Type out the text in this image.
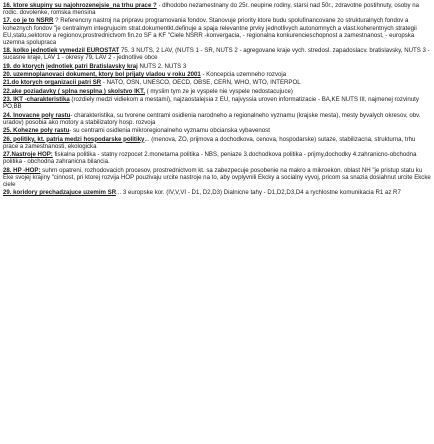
16. ktore skupiny su najohrozenejsie_na trhu prace ? - dlhodobo nezamestnany do 25r. neupine rodiny, starsi nad 50r., zdravotne postihnuty, osoby na rodic. dovolenke, romska mensina

17. co je to NSRR ? Referencny nastroj na pripravu programovania fondov. Stanovuje priority ktore budu spolufinancovane zo strukturalnych fondov a koheznych fondov "je centralnym integrujucim strat.dokumentkt.definuje a spaja relevantne prvky jednotlivych autonomnych a vlast.koherentnych strategii EU,statu,sektorov a regionov,prostrednictvom fin.zo SF a KF "Ciele NSRR -konvergacia, - regionalna konkurencieschopnost a zamestnanost, - europska uzemna spolupraca

18. kolko jednotiek vymedzil EUROSTAT 75. 3 NUTS, 2 LAV, (NUTS 1 - SR, NUTS 2 - agregovane kraje vych. stredosl. zapadoslacv. bratislavsky, NUTS 3 - sucasne kraje, LAV 1 - okresy 79, LAV 2 - jednotlive obce

19. do ktorych jednotiek patri Bratislavsky kraj NUTS 2. NUTS 3

20. uzemnoplanovaci dokument, ktory bol prijaty vladou v roku 2001 - Koncepcia uzemneho rozvoja

21.do ktorych organizacii patri SR - NATO, OSN, UNESCO, OECD, OBSE, CERN, WHO, WTO, INTERPOL

22.ake poziadavky ( splna nesplna ) skolstvo IKT, ( myslim tym ze je vyspele nie vyspele nedostacujuce)

23. IKT -charakteristika (rozdiely medzi vidiekom a mestami), najzaostalejsia z EU, najvyssia uroven informatizacie - BA,KE NUTS III, najmenej rozvinuty PO,BB

24. Inovacne poly rastu- charakteristika, su tvorene centrami osidlenia narodneho a regionalneho vyznamu (krajske mesta), mesty byvalych okresov, obv. uradov) posobia ako motory a stabilizatory hosp. rozvoja

25. Kohezne poly rastu- su centrami osidlenia mikroregionalneho vyznamu obcianska vybavenost

26. politiky, kt. patria medzi hospodarske politiky... (menova, ZO, prijmova a dochodkova, cenova, hospodarske) sutaze, stabilizacna, strukturna, trhu prace a zamestnanosti, ekologicka

27.Nastroje HOP: fiskalna politika - statny rozpocet 2.monetarna politika - NBS, peniaze 3.dochodkova politika - prijmy,dochodky 4.zahranicno-obchodna politika - obchodna zahranicna bilancia.

28. HP -HOP: suhrn opatreni, rozhodovacich procesov, prostrednictvom kt. sa zabezpecuje posobenie na makro a mikroekon. oblast NH "je pristup statu ku Eke svojej krajiny "cinnost, pri ktorej rozvija HOP pouzivaju urcite nastroje na to, aby ovplyvnili Ekcky a socialny vyvoj, pricom sa snazia dosiahnut urcite Ekcke ciele

29. koridory prechadzajuce uzemim SR... 3 europske kor. (IV,V,VI - D1, D2,D3) Dialnicne tahy - D1,D2,D3,D4 a rychlostne komunikacia R1 az R7
